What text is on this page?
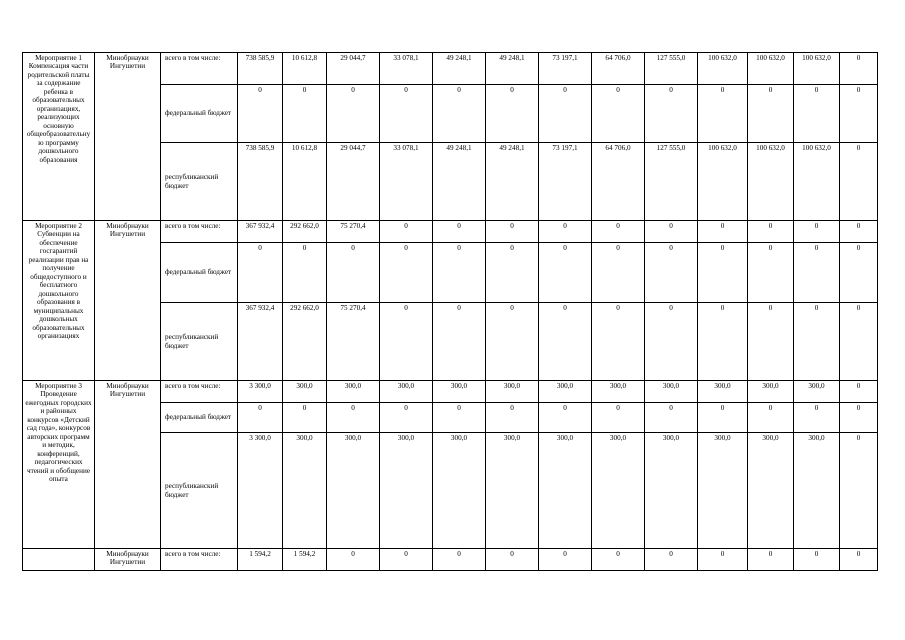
Мероприятие 1 Компенсация части родительской платы за содержание ребенка в образовательных организациях, реализующих основную общеобразовательную программу дошкольного образования	Минобрнауки Ингушетии	всего в том числе:	738 585,9	10 612,8	29 044,7	33 078,1	49 248,1	49 248,1	73 197,1	64 706,0	127 555,0	100 632,0	100 632,0	100 632,0	0
		федеральный бюджет	0	0	0	0	0	0	0	0	0	0	0	0	0
		республиканский бюджет	738 585,9	10 612,8	29 044,7	33 078,1	49 248,1	49 248,1	73 197,1	64 706,0	127 555,0	100 632,0	100 632,0	100 632,0	0
Мероприятие 2 Субвенции на обеспечение госгарантий реализации прав на получение общедоступного и бесплатного дошкольного образования в муниципальных дошкольных образовательных организациях	Минобрнауки Ингушетии	всего в том числе:	367 932,4	292 662,0	75 270,4	0	0	0	0	0	0	0	0	0	0
		федеральный бюджет	0	0	0	0	0	0	0	0	0	0	0	0	0
		республиканский бюджет	367 932,4	292 662,0	75 270,4	0	0	0	0	0	0	0	0	0	0
Мероприятие 3 Проведение ежегодных городских и районных конкурсов «Детский сад года», конкурсов авторских программ и методик, конференций, педагогических чтений и обобщение опыта	Минобрнауки Ингушетии	всего в том числе:	3 300,0	300,0	300,0	300,0	300,0	300,0	300,0	300,0	300,0	300,0	300,0	300,0	0
		федеральный бюджет	0	0	0	0	0	0	0	0	0	0	0	0	0
		республиканский бюджет	3 300,0	300,0	300,0	300,0	300,0	300,0	300,0	300,0	300,0	300,0	300,0	300,0	0
	Минобрнауки Ингушетии	всего в том числе:	1 594,2	1 594,2	0	0	0	0	0	0	0	0	0	0	0
